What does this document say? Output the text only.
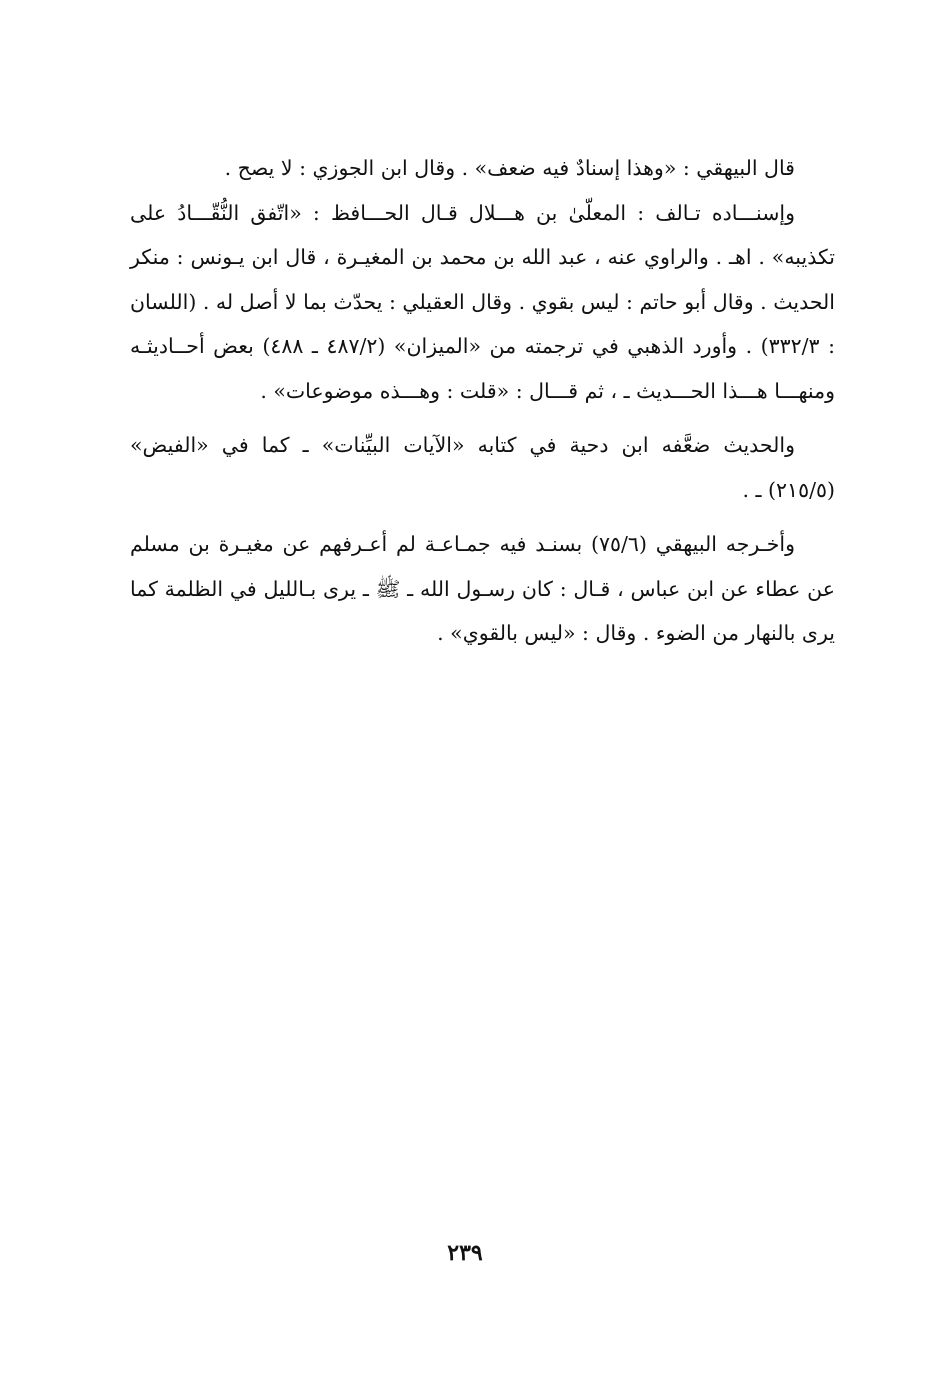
قال البيهقي : «وهذا إسنادٌ فيه ضعف» . وقال ابن الجوزي : لا يصح .

وإسنـــاده تـالف : المعلّىٰ بن هـــلال قـال الحـــافظ : «اتّفق النُّقّـــادُ على تكذيبه» . اهـ . والراوي عنه ، عبد الله بن محمد بن المغيـرة ، قال ابن يـونس : منكر الحديث . وقال أبو حاتم : ليس بقوي . وقال العقيلي : يحدّث بما لا أصل له . (اللسان : ٣٣٢/٣) . وأورد الذهبي في ترجمته من «الميزان» (٤٨٧/٢ ـ ٤٨٨) بعض أحــاديثـه ومنهـــا هـــذا الحـــديث ـ ، ثم قـــال : «قلت : وهـــذه موضوعات» .

والحديث ضعَّفه ابن دحية في كتابه «الآيات البيِّنات» ـ كما في «الفيض» (٢١٥/٥) ـ .

وأخـرجه البيهقي (٧٥/٦) بسنـد فيه جمـاعـة لم أعـرفهم عن مغيـرة بن مسلم عن عطاء عن ابن عباس ، قـال : كان رسـول الله ـ ﷺ ـ يرى بـالليل في الظلمة كما يرى بالنهار من الضوء . وقال : «ليس بالقوي» .

٢٣٩
